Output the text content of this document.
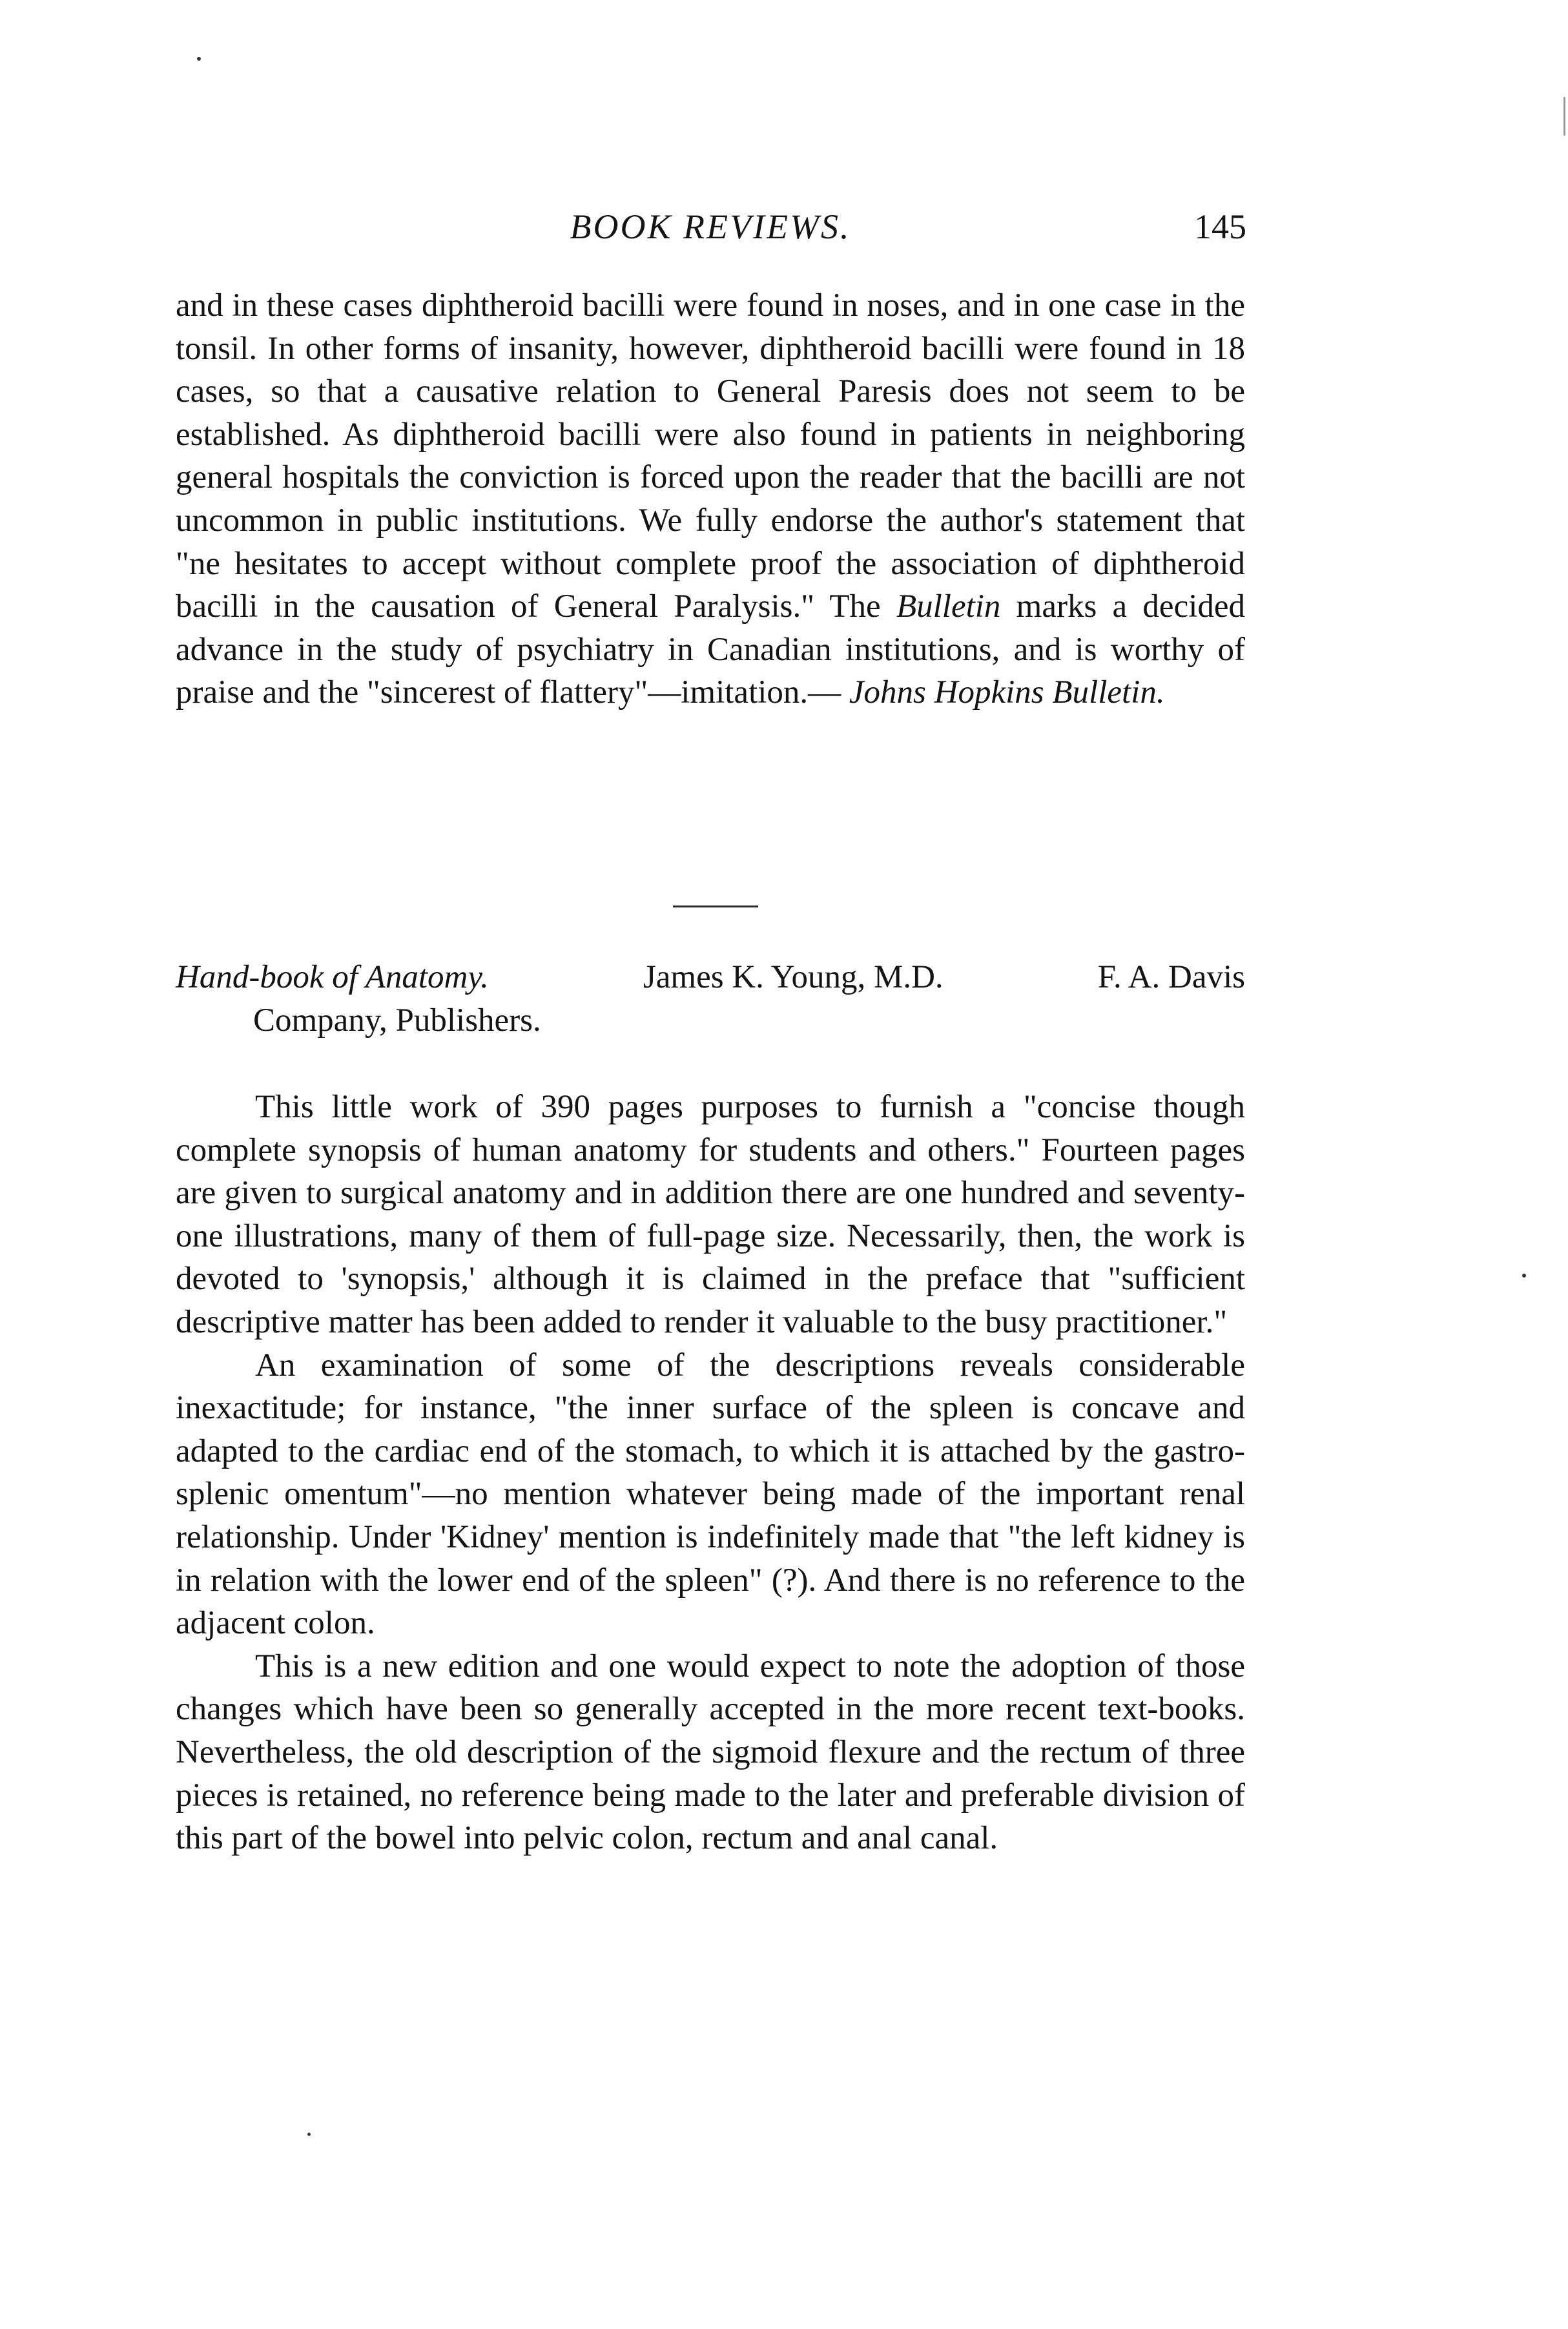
BOOK REVIEWS.	145

and in these cases diphtheroid bacilli were found in noses, and in one case in the tonsil. In other forms of insanity, however, diphtheroid bacilli were found in 18 cases, so that a causative relation to General Paresis does not seem to be established. As diphtheroid bacilli were also found in patients in neighboring general hospitals the conviction is forced upon the reader that the bacilli are not uncommon in public institutions. We fully endorse the author's statement that "ne hesitates to accept without complete proof the association of diphtheroid bacilli in the causation of General Paralysis." The Bulletin marks a decided advance in the study of psychiatry in Canadian institutions, and is worthy of praise and the "sincerest of flattery"—imitation.— Johns Hopkins Bulletin.

Hand-book of Anatomy.	James K. Young, M.D.	F. A. Davis
Company, Publishers.

This little work of 390 pages purposes to furnish a "concise though complete synopsis of human anatomy for students and others." Fourteen pages are given to surgical anatomy and in addition there are one hundred and seventy-one illustrations, many of them of full-page size. Necessarily, then, the work is devoted to 'synopsis,' although it is claimed in the preface that "sufficient descriptive matter has been added to render it valuable to the busy practitioner."

An examination of some of the descriptions reveals considerable inexactitude; for instance, "the inner surface of the spleen is concave and adapted to the cardiac end of the stomach, to which it is attached by the gastro-splenic omentum"—no mention whatever being made of the important renal relationship. Under 'Kidney' mention is indefinitely made that "the left kidney is in relation with the lower end of the spleen" (?). And there is no reference to the adjacent colon.

This is a new edition and one would expect to note the adoption of those changes which have been so generally accepted in the more recent text-books. Nevertheless, the old description of the sigmoid flexure and the rectum of three pieces is retained, no reference being made to the later and preferable division of this part of the bowel into pelvic colon, rectum and anal canal.
